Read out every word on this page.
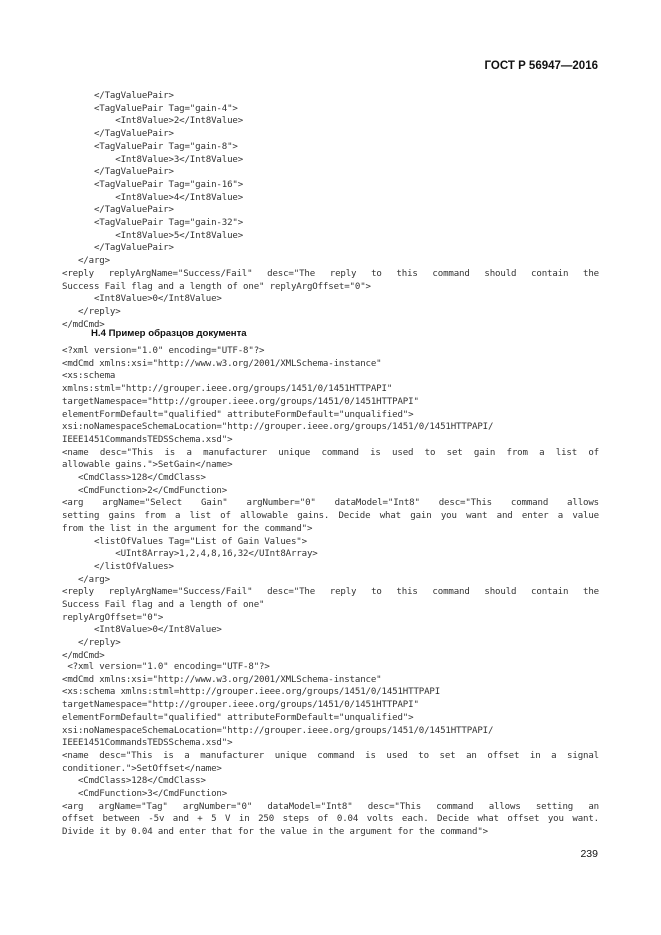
ГОСТ Р 56947—2016
</TagValuePair>
<TagValuePair Tag="gain-4">
<Int8Value>2</Int8Value>
</TagValuePair>
<TagValuePair Tag="gain-8">
<Int8Value>3</Int8Value>
</TagValuePair>
<TagValuePair Tag="gain-16">
<Int8Value>4</Int8Value>
</TagValuePair>
<TagValuePair Tag="gain-32">
<Int8Value>5</Int8Value>
</TagValuePair>
</arg>
<reply replyArgName="Success/Fail" desc="The reply to this command should contain the
Success Fail flag and a length of one" replyArgOffset="0">
<Int8Value>0</Int8Value>
</reply>
</mdCmd>
Н.4 Пример образцов документа
<?xml version="1.0" encoding="UTF-8"?>
<mdCmd xmlns:xsi="http://www.w3.org/2001/XMLSchema-instance"
<xs:schema
xmlns:stml="http://grouper.ieee.org/groups/1451/0/1451HTTPAPI"
targetNamespace="http://grouper.ieee.org/groups/1451/0/1451HTTPAPI"
elementFormDefault="qualified" attributeFormDefault="unqualified">
xsi:noNamespaceSchemaLocation="http://grouper.ieee.org/groups/1451/0/1451HTTPAPI/
IEEE1451CommandsTEDSSchema.xsd">
<name desc="This is a manufacturer unique command is used to set gain from a list of
allowable gains.">SetGain</name>
<CmdClass>128</CmdClass>
<CmdFunction>2</CmdFunction>
<arg argName="Select Gain" argNumber="0" dataModel="Int8" desc="This command allows
setting gains from a list of allowable gains. Decide what gain you want and enter a value
from the list in the argument for the command">
<listOfValues Tag="List of Gain Values">
<UInt8Array>1,2,4,8,16,32</UInt8Array>
</listOfValues>
</arg>
<reply replyArgName="Success/Fail" desc="The reply to this command should contain the
Success Fail flag and a length of one"
replyArgOffset="0">
<Int8Value>0</Int8Value>
</reply>
</mdCmd>
<?xml version="1.0" encoding="UTF-8"?>
<mdCmd xmlns:xsi="http://www.w3.org/2001/XMLSchema-instance"
<xs:schema xmlns:stml=http://grouper.ieee.org/groups/1451/0/1451HTTPAPI
targetNamespace="http://grouper.ieee.org/groups/1451/0/1451HTTPAPI"
elementFormDefault="qualified" attributeFormDefault="unqualified">
xsi:noNamespaceSchemaLocation="http://grouper.ieee.org/groups/1451/0/1451HTTPAPI/
IEEE1451CommandsTEDSSchema.xsd">
<name desc="This is a manufacturer unique command is used to set an offset in a signal
conditioner.">SetOffset</name>
<CmdClass>128</CmdClass>
<CmdFunction>3</CmdFunction>
<arg argName="Tag" argNumber="0" dataModel="Int8" desc="This command allows setting an
offset between -5v and + 5 V in 250 steps of 0.04 volts each. Decide what offset you want.
Divide it by 0.04 and enter that for the value in the argument for the command">
239
